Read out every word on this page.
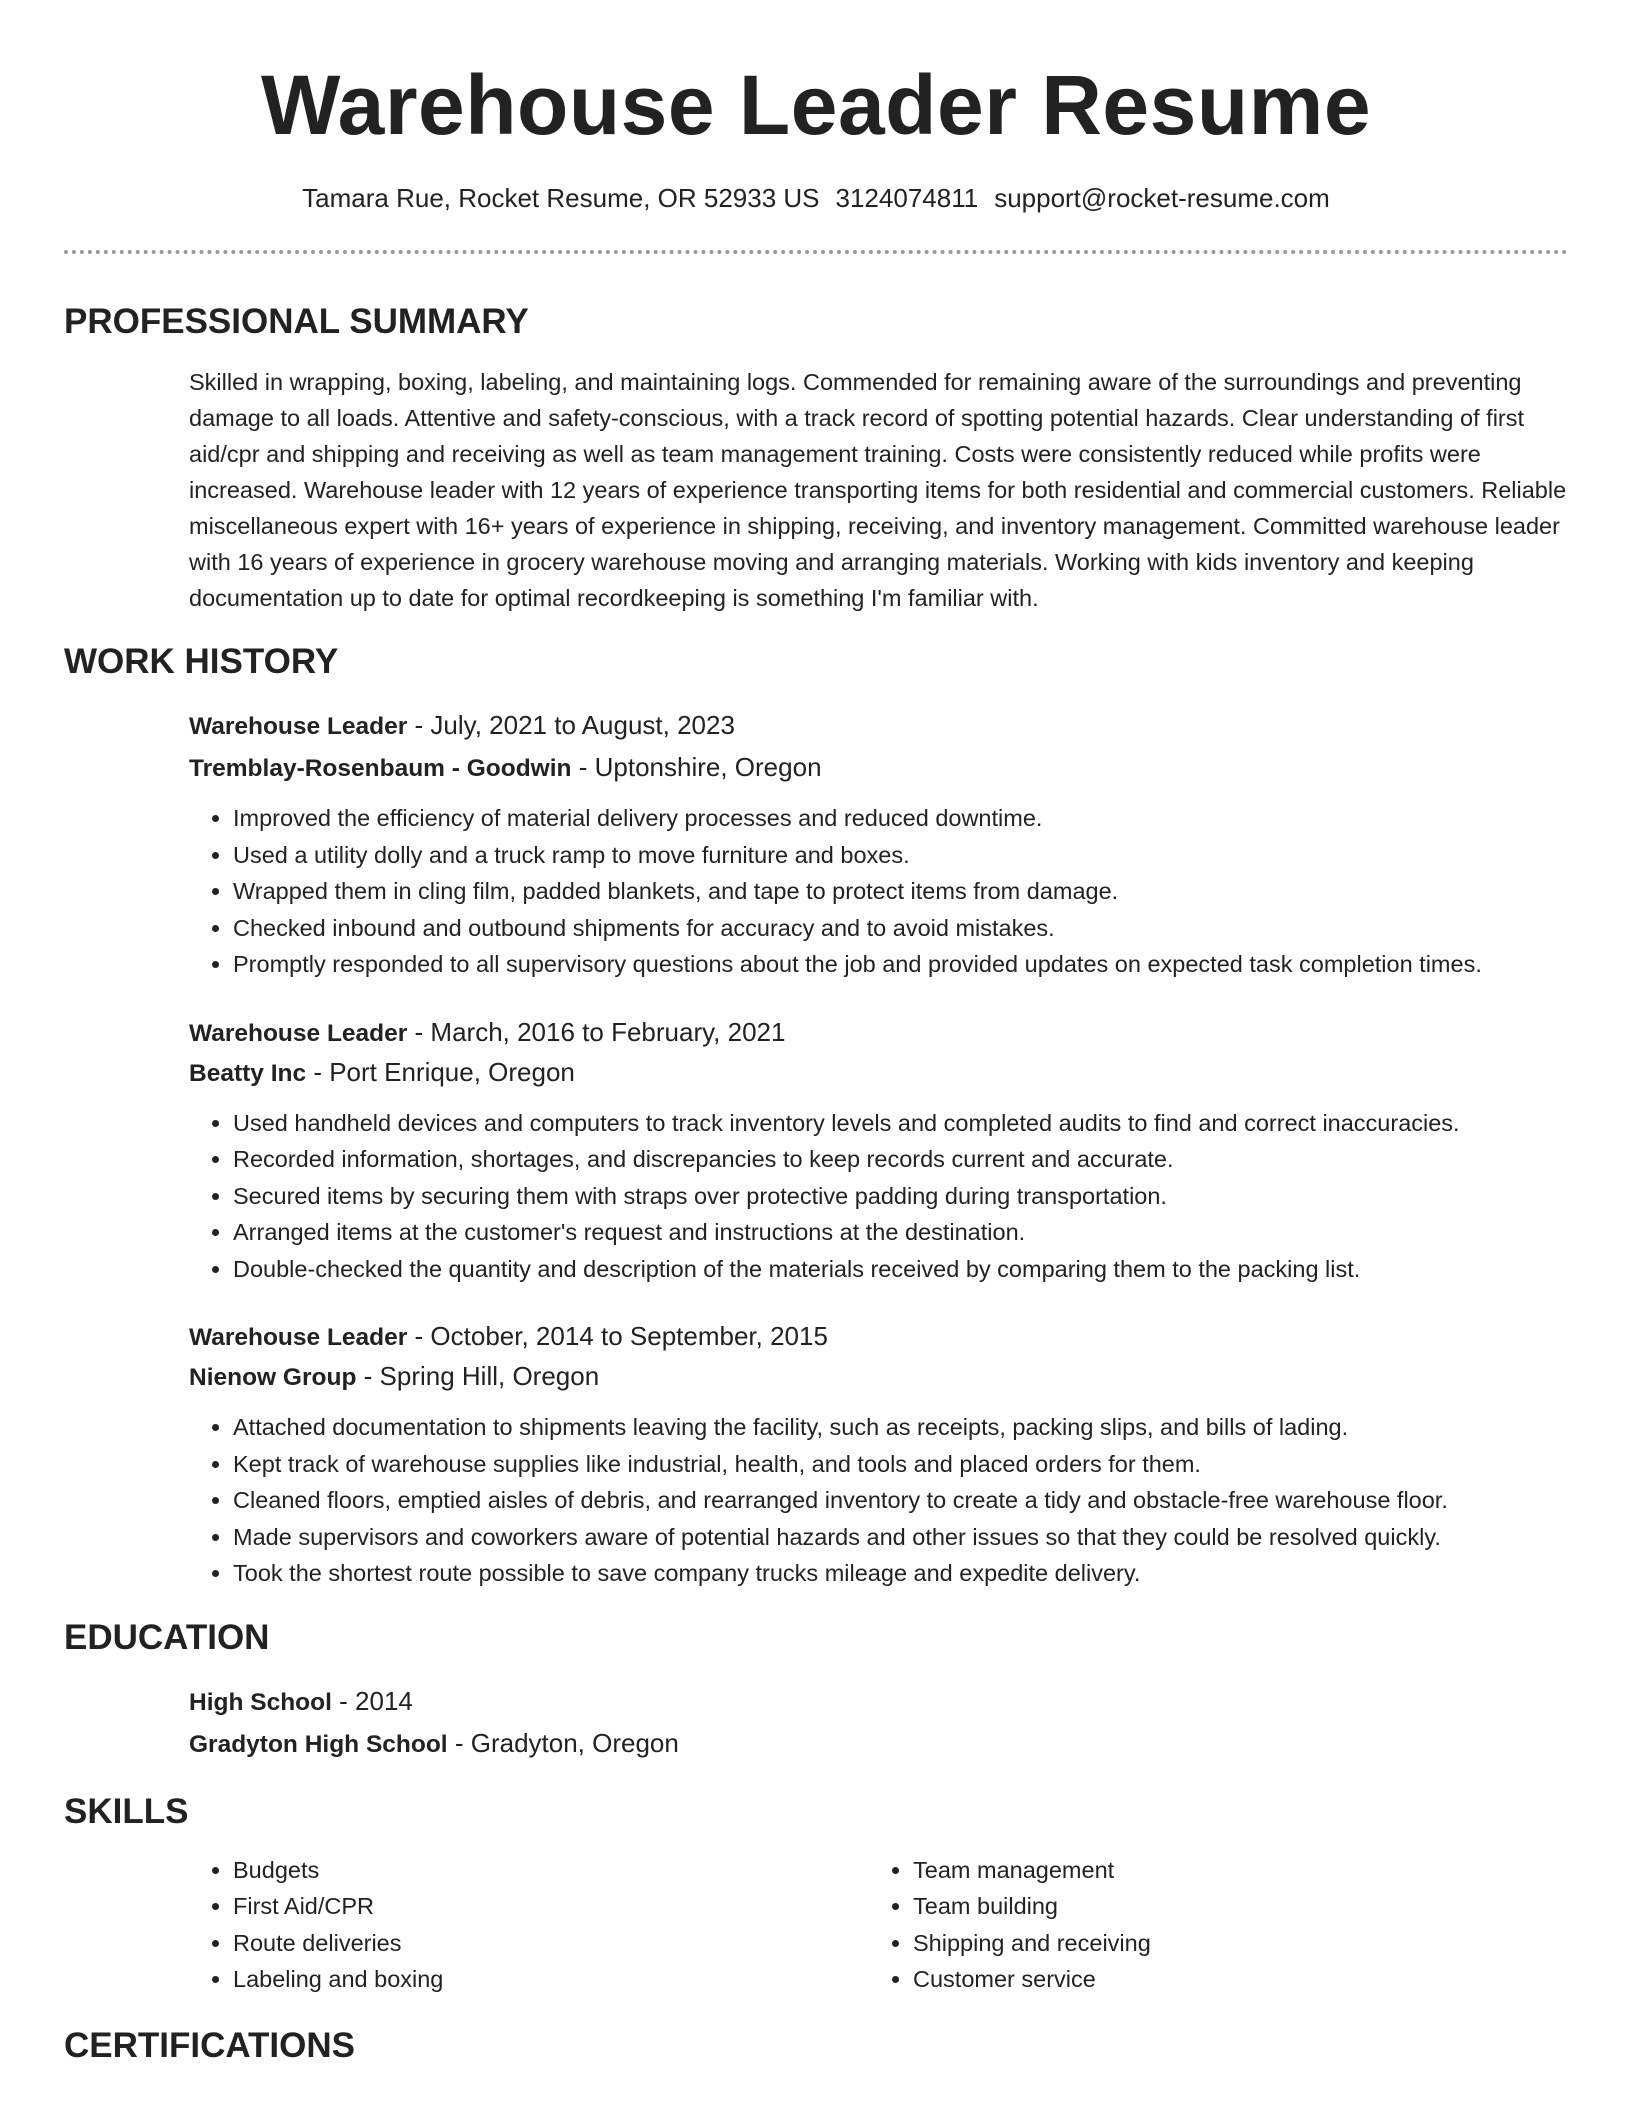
Warehouse Leader Resume
Tamara Rue, Rocket Resume, OR 52933 US 3124074811 support@rocket-resume.com
PROFESSIONAL SUMMARY
Skilled in wrapping, boxing, labeling, and maintaining logs. Commended for remaining aware of the surroundings and preventing damage to all loads. Attentive and safety-conscious, with a track record of spotting potential hazards. Clear understanding of first aid/cpr and shipping and receiving as well as team management training. Costs were consistently reduced while profits were increased. Warehouse leader with 12 years of experience transporting items for both residential and commercial customers. Reliable miscellaneous expert with 16+ years of experience in shipping, receiving, and inventory management. Committed warehouse leader with 16 years of experience in grocery warehouse moving and arranging materials. Working with kids inventory and keeping documentation up to date for optimal recordkeeping is something I'm familiar with.
WORK HISTORY
Warehouse Leader - July, 2021 to August, 2023
Tremblay-Rosenbaum - Goodwin - Uptonshire, Oregon
• Improved the efficiency of material delivery processes and reduced downtime.
• Used a utility dolly and a truck ramp to move furniture and boxes.
• Wrapped them in cling film, padded blankets, and tape to protect items from damage.
• Checked inbound and outbound shipments for accuracy and to avoid mistakes.
• Promptly responded to all supervisory questions about the job and provided updates on expected task completion times.
Warehouse Leader - March, 2016 to February, 2021
Beatty Inc - Port Enrique, Oregon
• Used handheld devices and computers to track inventory levels and completed audits to find and correct inaccuracies.
• Recorded information, shortages, and discrepancies to keep records current and accurate.
• Secured items by securing them with straps over protective padding during transportation.
• Arranged items at the customer's request and instructions at the destination.
• Double-checked the quantity and description of the materials received by comparing them to the packing list.
Warehouse Leader - October, 2014 to September, 2015
Nienow Group - Spring Hill, Oregon
• Attached documentation to shipments leaving the facility, such as receipts, packing slips, and bills of lading.
• Kept track of warehouse supplies like industrial, health, and tools and placed orders for them.
• Cleaned floors, emptied aisles of debris, and rearranged inventory to create a tidy and obstacle-free warehouse floor.
• Made supervisors and coworkers aware of potential hazards and other issues so that they could be resolved quickly.
• Took the shortest route possible to save company trucks mileage and expedite delivery.
EDUCATION
High School - 2014
Gradyton High School - Gradyton, Oregon
SKILLS
• Budgets
• First Aid/CPR
• Route deliveries
• Labeling and boxing
• Team management
• Team building
• Shipping and receiving
• Customer service
CERTIFICATIONS
